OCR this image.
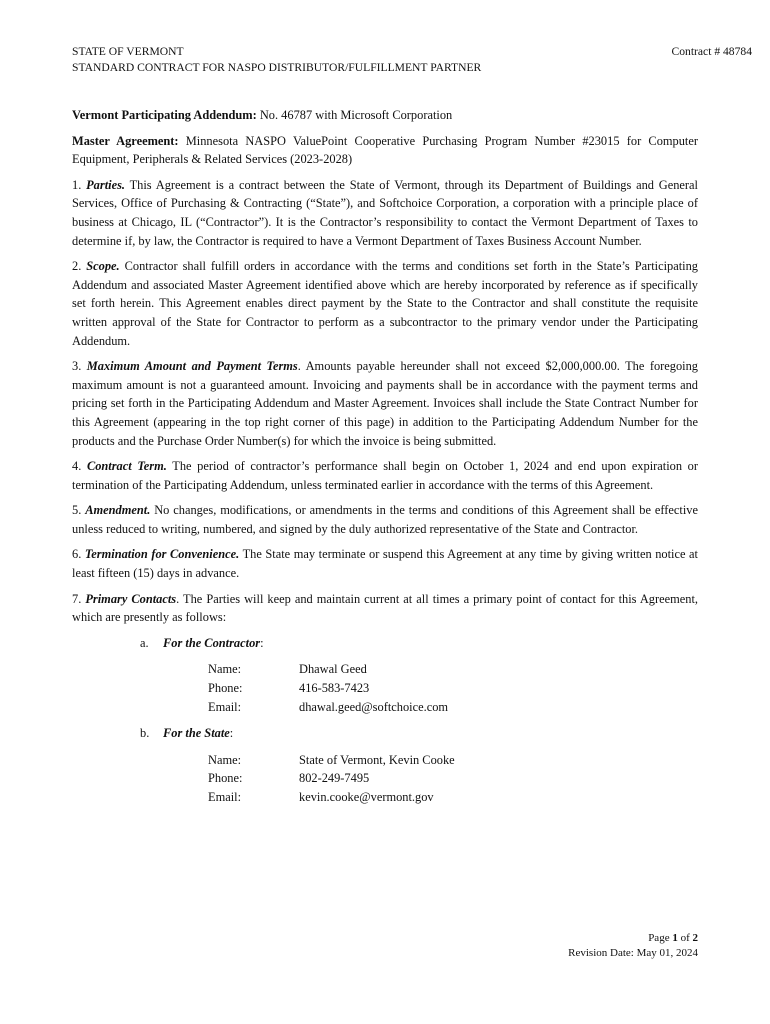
STATE OF VERMONT
STANDARD CONTRACT FOR NASPO DISTRIBUTOR/FULFILLMENT PARTNER
Contract # 48784

Vermont Participating Addendum: No. 46787 with Microsoft Corporation

Master Agreement: Minnesota NASPO ValuePoint Cooperative Purchasing Program Number #23015 for Computer Equipment, Peripherals & Related Services (2023-2028)

1. Parties. This Agreement is a contract between the State of Vermont, through its Department of Buildings and General Services, Office of Purchasing & Contracting (“State”), and Softchoice Corporation, a corporation with a principle place of business at Chicago, IL (“Contractor”). It is the Contractor’s responsibility to contact the Vermont Department of Taxes to determine if, by law, the Contractor is required to have a Vermont Department of Taxes Business Account Number.

2. Scope. Contractor shall fulfill orders in accordance with the terms and conditions set forth in the State’s Participating Addendum and associated Master Agreement identified above which are hereby incorporated by reference as if specifically set forth herein. This Agreement enables direct payment by the State to the Contractor and shall constitute the requisite written approval of the State for Contractor to perform as a subcontractor to the primary vendor under the Participating Addendum.

3. Maximum Amount and Payment Terms. Amounts payable hereunder shall not exceed $2,000,000.00. The foregoing maximum amount is not a guaranteed amount. Invoicing and payments shall be in accordance with the payment terms and pricing set forth in the Participating Addendum and Master Agreement. Invoices shall include the State Contract Number for this Agreement (appearing in the top right corner of this page) in addition to the Participating Addendum Number for the products and the Purchase Order Number(s) for which the invoice is being submitted.

4. Contract Term. The period of contractor’s performance shall begin on October 1, 2024 and end upon expiration or termination of the Participating Addendum, unless terminated earlier in accordance with the terms of this Agreement.

5. Amendment. No changes, modifications, or amendments in the terms and conditions of this Agreement shall be effective unless reduced to writing, numbered, and signed by the duly authorized representative of the State and Contractor.

6. Termination for Convenience. The State may terminate or suspend this Agreement at any time by giving written notice at least fifteen (15) days in advance.

7. Primary Contacts. The Parties will keep and maintain current at all times a primary point of contact for this Agreement, which are presently as follows:

a. For the Contractor:
Name:	Dhawal Geed
Phone:	416-583-7423
Email:	dhawal.geed@softchoice.com
b. For the State:
Name:	State of Vermont, Kevin Cooke
Phone:	802-249-7495
Email:	kevin.cooke@vermont.gov
Page 1 of 2
Revision Date: May 01, 2024
